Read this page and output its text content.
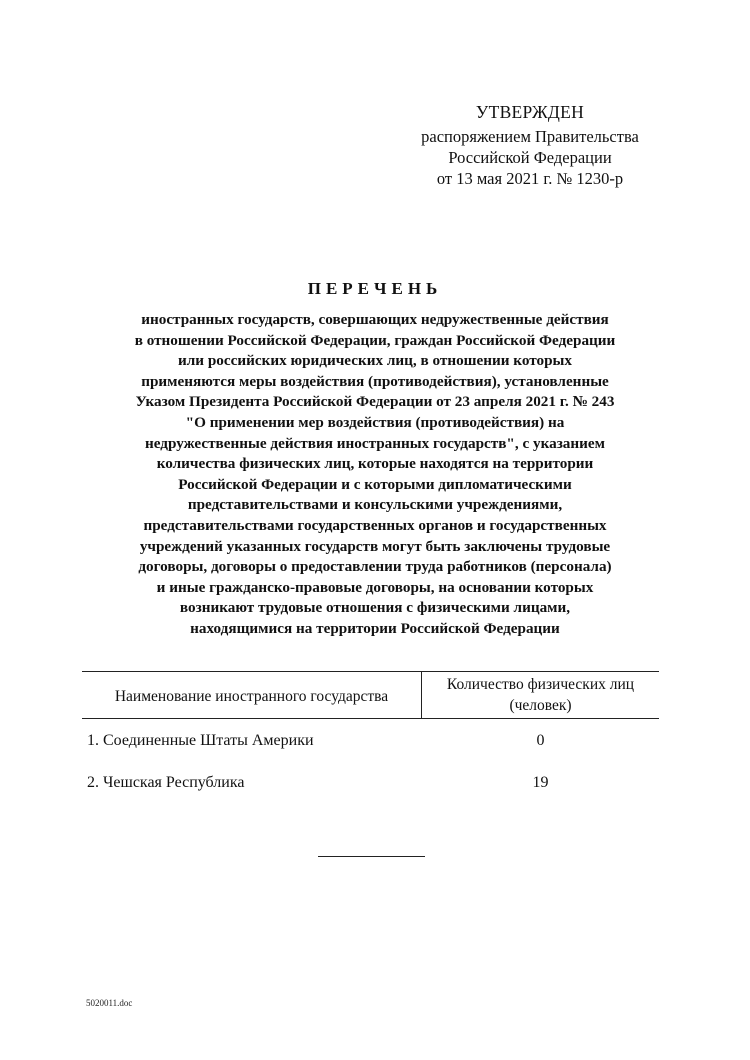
УТВЕРЖДЕН
распоряжением Правительства
Российской Федерации
от 13 мая 2021 г. № 1230-р
ПЕРЕЧЕНЬ
иностранных государств, совершающих недружественные действия
в отношении Российской Федерации, граждан Российской Федерации
или российских юридических лиц, в отношении которых
применяются меры воздействия (противодействия), установленные
Указом Президента Российской Федерации от 23 апреля 2021 г. № 243
"О применении мер воздействия (противодействия) на
недружественные действия иностранных государств", с указанием
количества физических лиц, которые находятся на территории
Российской Федерации и с которыми дипломатическими
представительствами и консульскими учреждениями,
представительствами государственных органов и государственных
учреждений указанных государств могут быть заключены трудовые
договоры, договоры о предоставлении труда работников (персонала)
и иные гражданско-правовые договоры, на основании которых
возникают трудовые отношения с физическими лицами,
находящимися на территории Российской Федерации
Наименование иностранного государства
Количество физических лиц
(человек)
1. Соединенные Штаты Америки	0
2. Чешская Республика	19
5020011.doc
